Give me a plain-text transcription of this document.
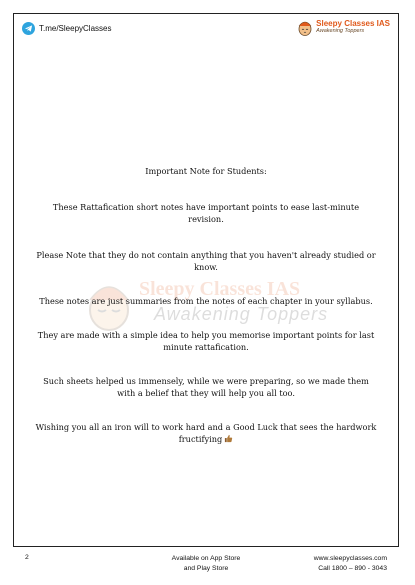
T.me/SleepyClasses
Sleepy Classes IAS
Awakening Toppers
Sleepy Classes IAS
Awakening Toppers

Important Note for Students:

These Rattafication short notes have important points to ease last-minute revision.

Please Note that they do not contain anything that you haven't already studied or know.

These notes are just summaries from the notes of each chapter in your syllabus.

They are made with a simple idea to help you memorise important points for last minute rattafication.

Such sheets helped us immensely, while we were preparing, so we made them with a belief that they will help you all too.

Wishing you all an iron will to work hard and a Good Luck that sees the hardwork fructifying

2	Available on App Store
and Play Store
www.sleepyclasses.com
Call 1800 – 890 - 3043
